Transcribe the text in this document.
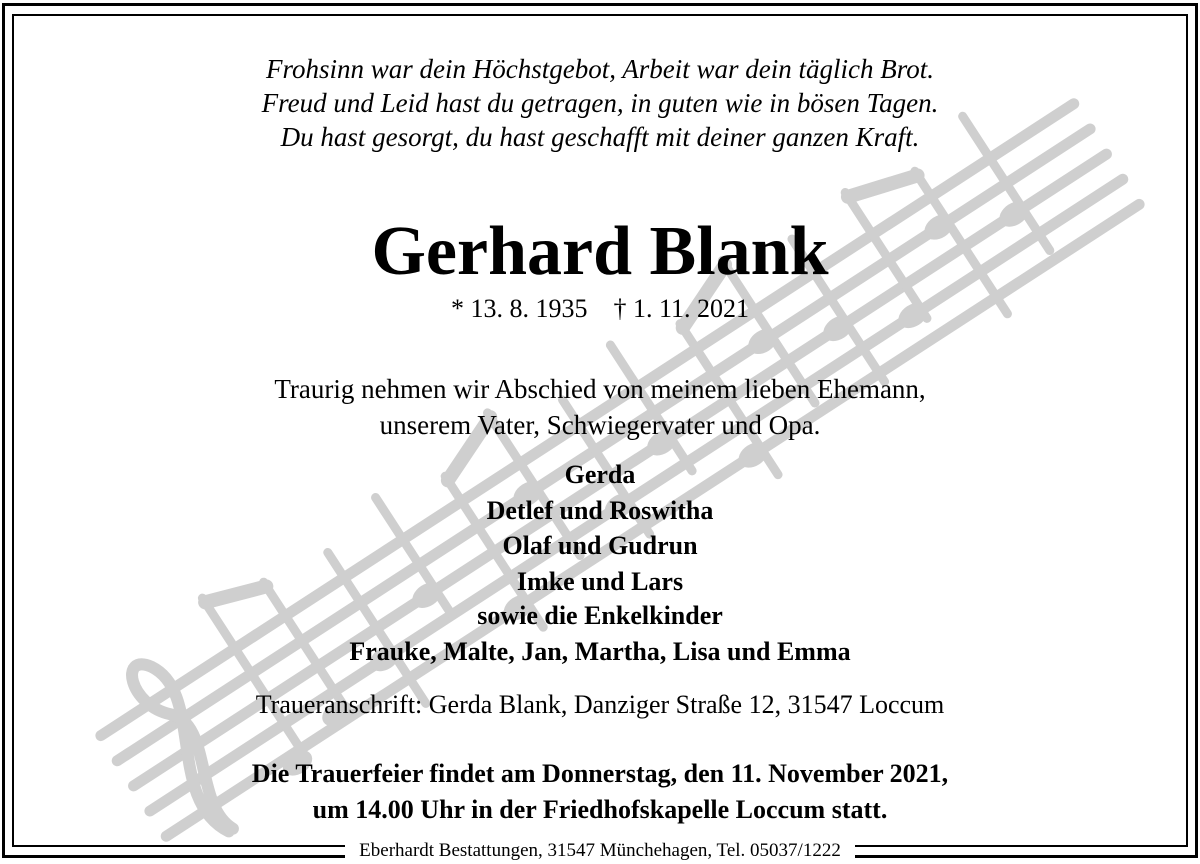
Frohsinn war dein Höchstgebot, Arbeit war dein täglich Brot.
Freud und Leid hast du getragen, in guten wie in bösen Tagen.
Du hast gesorgt, du hast geschafft mit deiner ganzen Kraft.
Gerhard Blank
* 13. 8. 1935    † 1. 11. 2021
Traurig nehmen wir Abschied von meinem lieben Ehemann,
unserem Vater, Schwiegervater und Opa.
Gerda
Detlef und Roswitha
Olaf und Gudrun
Imke und Lars
sowie die Enkelkinder
Frauke, Malte, Jan, Martha, Lisa und Emma
Traueranschrift: Gerda Blank, Danziger Straße 12, 31547 Loccum
Die Trauerfeier findet am Donnerstag, den 11. November 2021,
um 14.00 Uhr in der Friedhofskapelle Loccum statt.
Eberhardt Bestattungen, 31547 Münchehagen, Tel. 05037/1222
